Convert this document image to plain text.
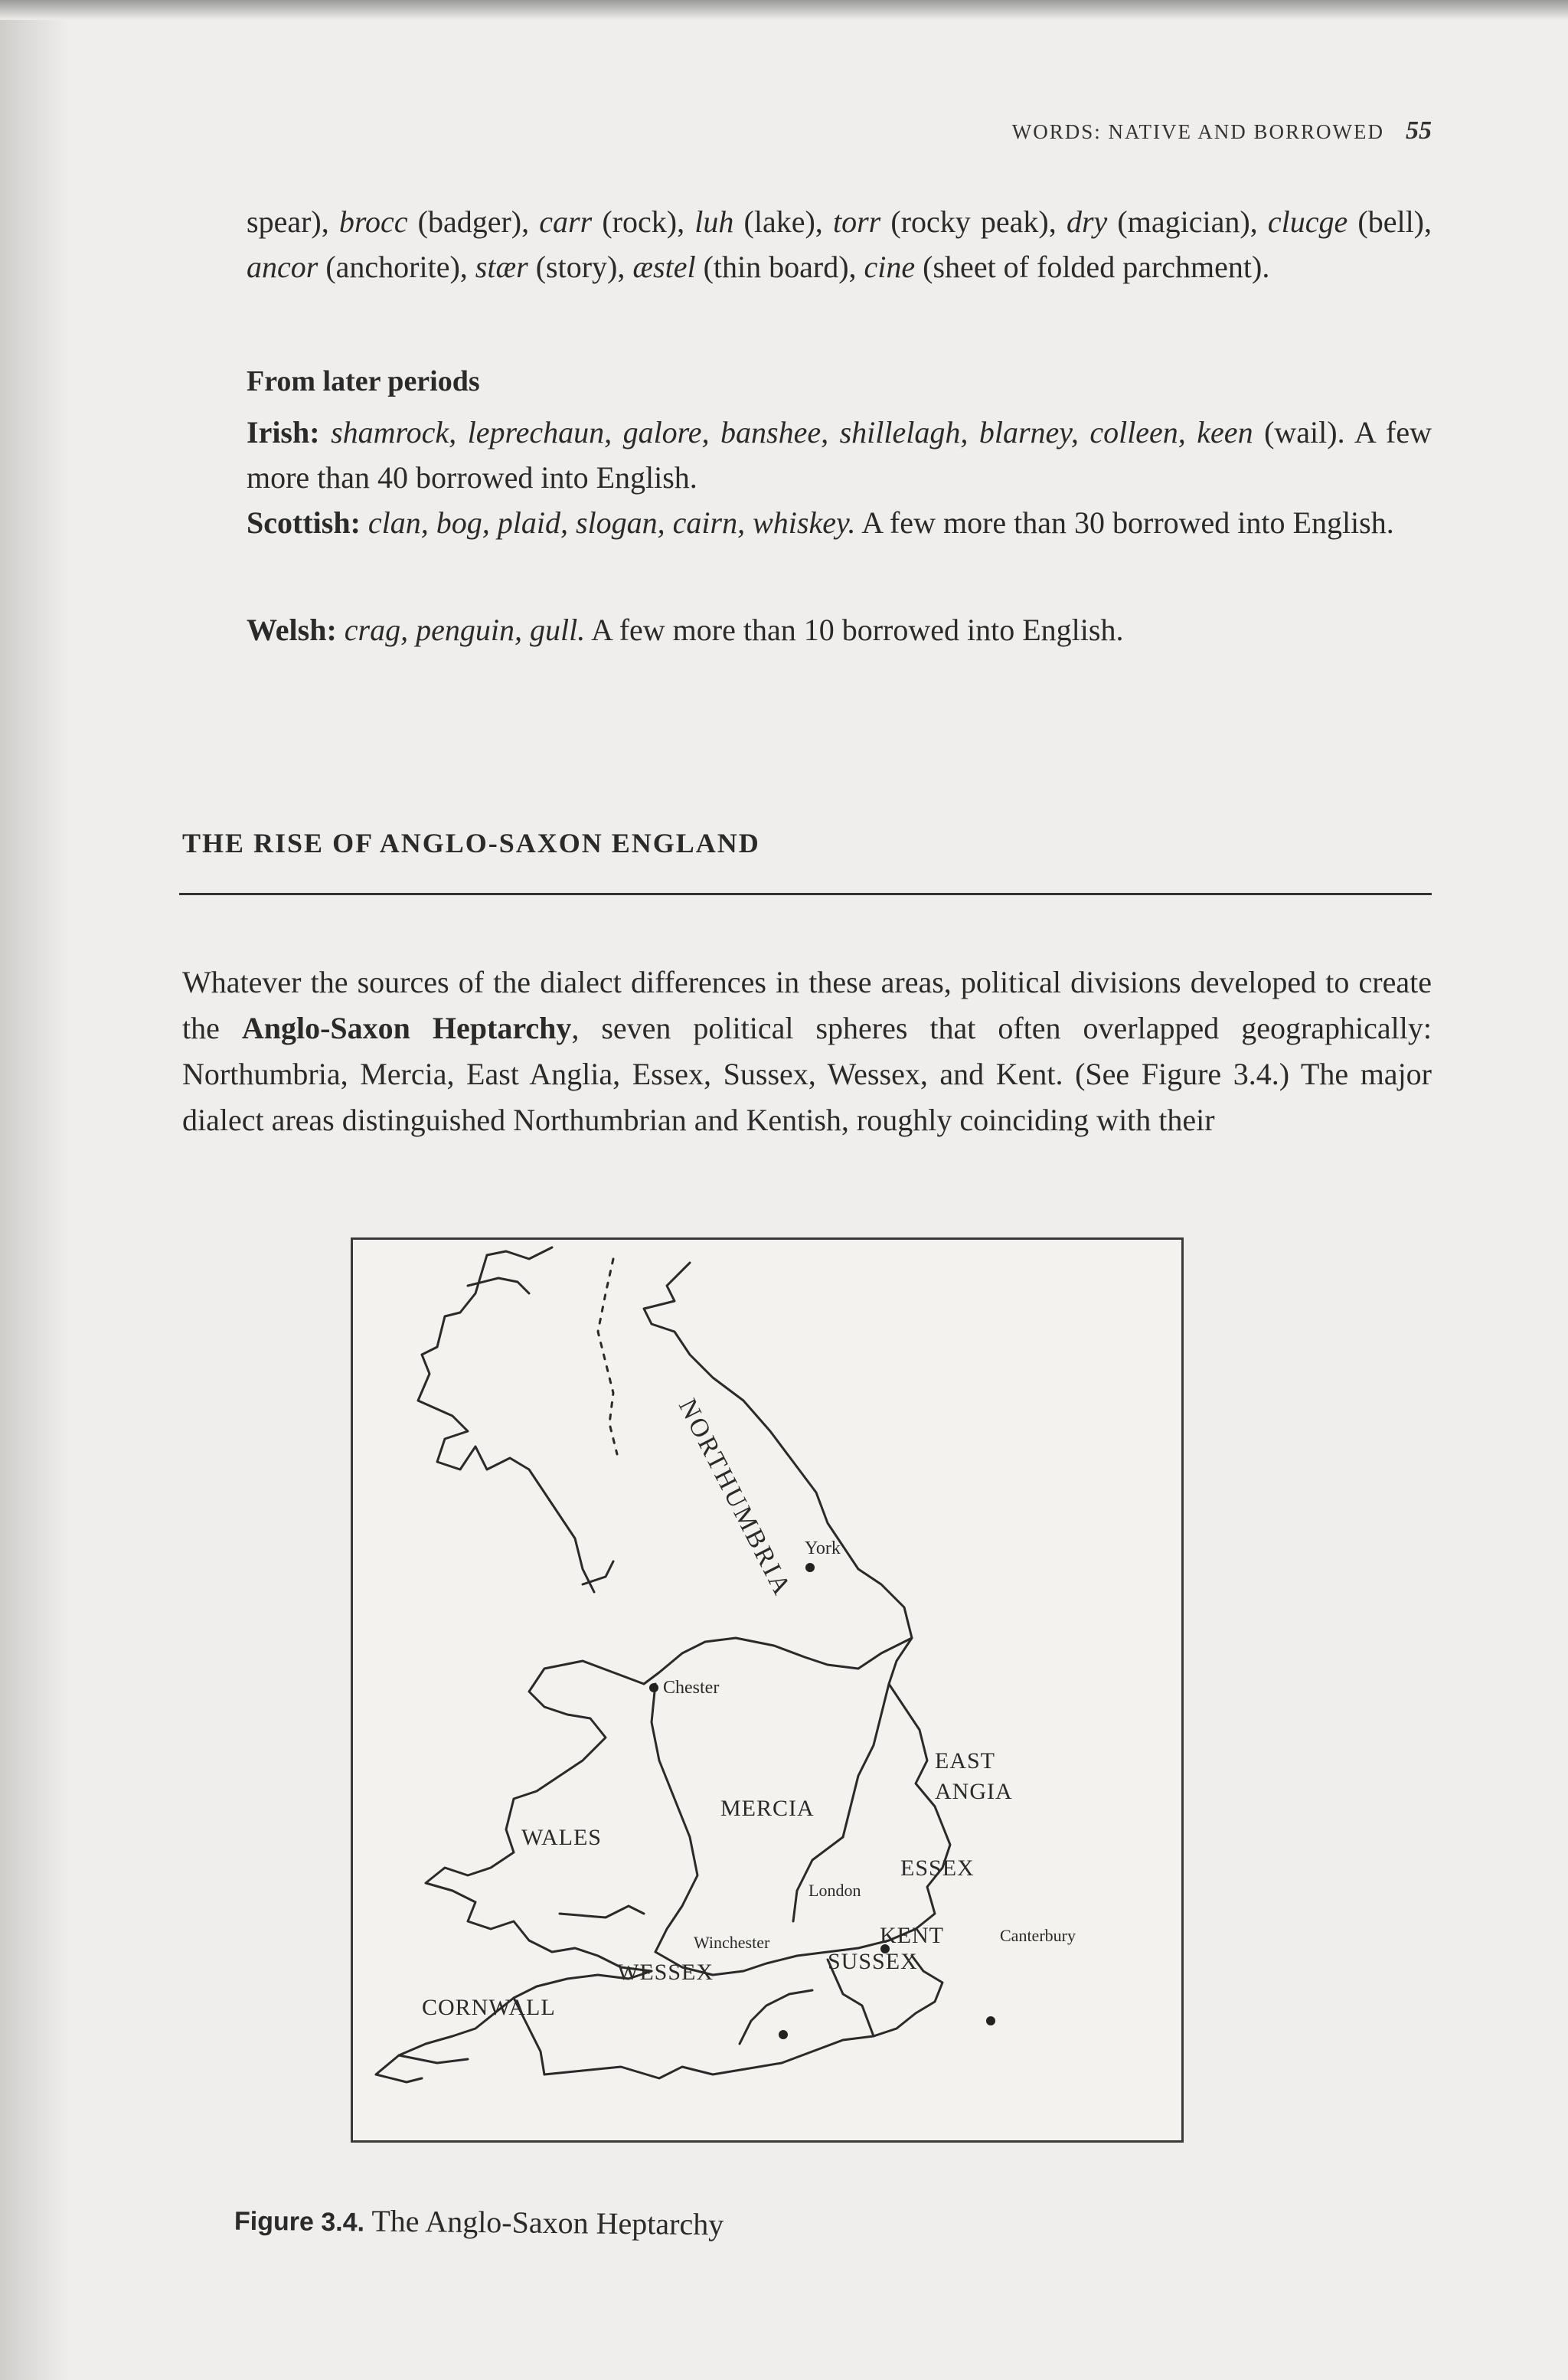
WORDS: NATIVE AND BORROWED 55

spear), brocc (badger), carr (rock), luh (lake), torr (rocky peak), dry (magician), clucge (bell), ancor (anchorite), stær (story), æstel (thin board), cine (sheet of folded parchment).

From later periods

Irish: shamrock, leprechaun, galore, banshee, shillelagh, blarney, colleen, keen (wail). A few more than 40 borrowed into English.

Scottish: clan, bog, plaid, slogan, cairn, whiskey. A few more than 30 borrowed into English.

Welsh: crag, penguin, gull. A few more than 10 borrowed into English.

THE RISE OF ANGLO-SAXON ENGLAND

Whatever the sources of the dialect differences in these areas, political divisions developed to create the Anglo-Saxon Heptarchy, seven political spheres that often overlapped geographically: Northumbria, Mercia, East Anglia, Essex, Sussex, Wessex, and Kent. (See Figure 3.4.) The major dialect areas distinguished Northumbrian and Kentish, roughly coinciding with their

NORTHUMBRIA
MERCIA
WALES
EAST
ANGIA
ESSEX
KENT
SUSSEX
WESSEX
CORNWALL
York
Chester
London
Winchester	Canterbury
Figure 3.4. The Anglo-Saxon Heptarchy
